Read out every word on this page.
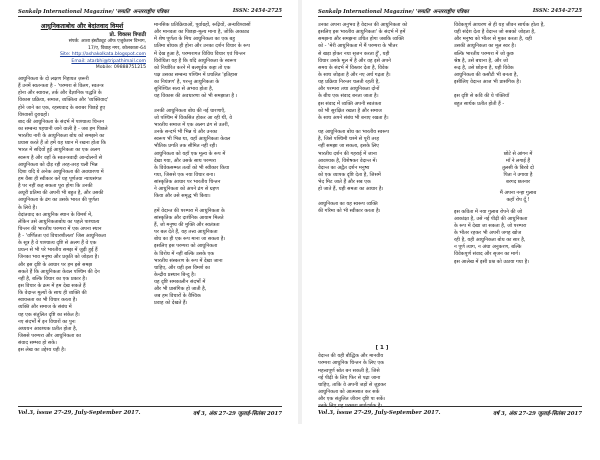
Sankalp International Magazine/ 'सम्प्रति' अन्तरराष्ट्रीय पत्रिका	ISSN: 2454-2725
आधुनिकताबोध और बेदांतवाद विमर्श
प्रो. विकास त्रिपाठी
संपर्क: आशा इंस्टीट्यूट ऑफ एजुकेशन विभाग,
17/ए, विवाह नगर, कोलकाता-64
Site: http://ashakolkata.blogspot.com
Email: atarbhi@tripathimail.com
Mobile: 09888751215
आधुनिकता के दो लक्षण निहायत ज़रूरी
हैं उनमें स्वतन्त्रता है - 'परम्परा से विलग, स्वतन्त्र
होना और स्वायत्त, तर्क और वैज्ञानिक पद्धति के
विकास प्रक्रिया, समाज, व्यक्तित्व और 'व्यक्तिवाद'
होने जाने का एक, रहस्यवाद के बराबर पिछड़े हुए
विश्वासों दुराग्रहों।
बाद की आधुनिकता के संदर्भ में पाश्चात्य चिन्तन
का सम्बन्ध पहचानी जाने वाली है - जब हम पिछले
भारतीय नारी के आधुनिकता बोध को समझने का
प्रयास करते हैं तो हमें यह ध्यान में रखना होता कि
भारत में सदियों हुई आधुनिकता का एक अलग
स्वरूप है और वहाँ के स्वतन्त्रवादी आन्दोलनों से
आधुनिकता को दौड़ रही तरह-तरह चली भिन्न
दिशा यदि ये अनेक आधुनिकता की अवधारणा में
हम वैसा ही स्वीकार करें यह पूर्णतया न्यायसंगत
है पर नहीं कह सकता पूरा होगा कि उनकी
अधूरी प्रतिमा की अपनी भी बहुत है, और उसकी
आधुनिकता के ढंग का उसके भारत की पूर्णता
के लिये हैं।
वेदांतवाद का आधुनिक स्थान के विमर्श में,
लेकिन उसे आधुनिकताबोध का पहले पाश्चात्य
चिन्तन की भारतीय परम्परा में एक अपना स्थान
है - 'वर्णितता एवं विचारशीलता' जिस आधुनिकता
के सूत्र है वे पाश्चात्य दृष्टि से अलग हैं वे एक
प्रयत्न से भी परे भारतीय समझ में जुड़ी हुई हैं
जिनका भाव मनुष्य और प्रकृति को जोड़ता है।
और इस दृष्टि के आधार पर हम इसे समझ
सकते हैं कि आधुनिकता केवल पश्चिम की देन
नहीं है, बल्कि विचार का एक प्रकार है।
इस विचार के क्रम में हम देख सकते हैं
कि वेदान्त मूल्यों के साथ ही व्यक्ति की
स्वायत्तता का भी विचार करता है।
व्यक्ति और समाज के संबंध में
यह एक संतुलित दृष्टि का संकेत है।
नए संदर्भों में इन विचारों का पुनः
अध्ययन आवश्यक प्रतीत होता है,
जिससे परम्परा और आधुनिकता का
संवाद सम्भव हो सके।
इस लेख का उद्देश्य यही है।
मानसिक प्रतिक्रियाओं, पूर्वाग्रहों, रूढ़ियों, अन्धविश्वासों
और मानवता का पिछड़ा-मूल्य माना है, जोकि अकाट्य
में शेष पूर्णता के मिथ आधुनिकता का एक बहु
प्रतिमा बोधक ही होना और उनका दर्शन विचार के रूप
में देख हुआ है, परम्परागत विविध विचार एवं चिन्तन
विरोधिता यह है कि यदि आधुनिकता के स्वरूप
को निर्धारित करने में बलपूर्वक कहा तो एक
पक्ष उसका सम्बन्ध पश्चिम में प्रचलित 'इतिहास
का नियंत्रण' है, परन्तु आधुनिकता के
सुनिश्चित सत्य से अभाव होता है,
यह विकास की अवधारणा को भी समझाता है ।
उनकी आधुनिकता बोध की नई धारणाएँ,
जो पश्चिम में विकसित होकर आ रही थीं, वे
भारतीय समाज में एक अलग ढंग से उतरीं,
उनके सन्दर्भ भी भिन्न थे और उनका
स्वरूप भी भिन्न था, यहाँ आधुनिकता केवल
भौतिक प्रगति तक सीमित नहीं रही।
आधुनिकता को यहाँ एक मूल्य के रूप में
देखा गया, और उसके साथ परम्परा
के विवेकसम्मत तत्वों को भी स्वीकार किया
गया, जिससे एक नया विचार बना।
सांस्कृतिक आधार पर भारतीय चिन्तन
ने आधुनिकता को अपने ढंग से ग्रहण
किया और उसे समृद्ध भी किया।
हमें वेदान्त की परम्परा में आधुनिकता के
सांस्कृतिक और दार्शनिक आयाम मिलते
हैं, जो मनुष्य की मुक्ति और स्वतंत्रता
पर बल देते हैं, यह तत्त्व आधुनिकता
बोध का ही एक रूप माना जा सकता है।
इसलिए इस परम्परा को आधुनिकता
के विरोध में नहीं बल्कि उसके एक
भारतीय संस्करण के रूप में देखा जाना
चाहिए, और यही इस विमर्श का
केन्द्रीय प्रस्थान बिन्दु है।
यह दृष्टि समकालीन संदर्भों में
और भी प्रासंगिक हो जाती है,
जब हम विचारों के वैश्विक
प्रवाह को देखते हैं।
Vol.3, issue 27-29, July-September 2017.	वर्ष 3, अंक 27-29 जुलाई-सितंबर 2017
Sankalp International Magazine/ 'सम्प्रति' अन्तरराष्ट्रीय पत्रिका	ISSN: 2454-2725
उनका अपना अनुभव है वेदान्त की आधुनिकता को
इसलिए इस भारतीय आधुनिकता' के संदर्भ में हमें
समझना और समझना उचित होगा जबकि व्यक्ति
को - 'मेरी आधुनिकता में मैं परम्परा के भीतर
से खड़ा होकर नया सृजन करता हूँ', यही
विचार उसके मूल में है और वह इसे अपने
समय के संदर्भ में विस्तार देता है, विवेक
के साथ जोड़ता है और नए अर्थ गढ़ता है।
यह प्रक्रिया निरन्तर चलती रहती है,
और परम्परा तथा आधुनिकता दोनों
के बीच एक संवाद बनता जाता है।
इस संवाद में व्यक्ति अपनी स्वतंत्रता
को भी सुरक्षित रखता है और समाज
के साथ अपने संबंध भी बनाए रखता है।
यह आधुनिकता बोध का भारतीय स्वरूप
है, जिसे पश्चिमी चश्मे से पूरी तरह
नहीं समझा जा सकता, इसके लिए
भारतीय दर्शन की गहराई में जाना
आवश्यक है, विशेषकर वेदान्त में।
वेदान्त का अद्वैत दर्शन मनुष्य
को एक व्यापक दृष्टि देता है, जिसमें
भेद मिट जाते हैं और सब एक
हो जाते हैं, यही समता का आधार है।
आधुनिकता का यह स्वरूप व्यक्ति
की गरिमा को भी स्वीकार करता है।
[ 1 ]
वेदान्त की यही बौद्धिक और मानवीय
परम्परा आधुनिक चिन्तन के लिए एक
महत्त्वपूर्ण स्रोत बन सकती है, जिसे
नई पीढ़ी के लिए फिर से पढ़ा जाना
चाहिए, ताकि वे अपनी जड़ों से जुड़कर
आधुनिकता को आत्मसात कर सकें
और एक संतुलित जीवन दृष्टि पा सकें।
उनके लिए यह परम्परा मार्गदर्शक है।
विवेकपूर्ण आचरण से ही यह जीवन सार्थक होता है,
यही संदेश देता है वेदान्त जो सबको जोड़ता है,
और मनुष्य को भीतर से मुक्त करता है, यही
उसकी आधुनिकता का मूल स्वर है।
बल्कि भारतीय परम्परा में जो कुछ
श्रेष्ठ है, उसे बचाना है, और जो
रूढ़ है, उसे छोड़ना है, यही विवेक
आधुनिकता की कसौटी भी बनता है,
इसीलिए वेदान्त आज भी प्रासंगिक है।
इस दृष्टि से कवि की ये पंक्तियाँ
बहुत सार्थक प्रतीत होती हैं -
छोटे से आंगन में
माँ ने लगाई हैं
तुलसी के बिरवे दो
पिता ने उगाया है
बरगद छतनार
मैं अपना नन्हा गुलाब
कहाँ रोप दूँ !
इस कविता में नया गुलाब रोपने की जो
आकांक्षा है, उसे नई पीढ़ी की आधुनिकता
के रूप में देखा जा सकता है, जो परम्परा
के भीतर रहकर भी अपनी जगह खोज
रही है, यही आधुनिकता बोध का सार है,
न पूर्ण त्याग, न अंधा अनुकरण, बल्कि
विवेकपूर्ण संवाद और सृजन का मार्ग।
इस आलेख में इसी प्रश्न को उठाया गया है।
Vol.3, issue 27-29, July-September 2017.	वर्ष 3, अंक 27-29 जुलाई-सितंबर 2017
